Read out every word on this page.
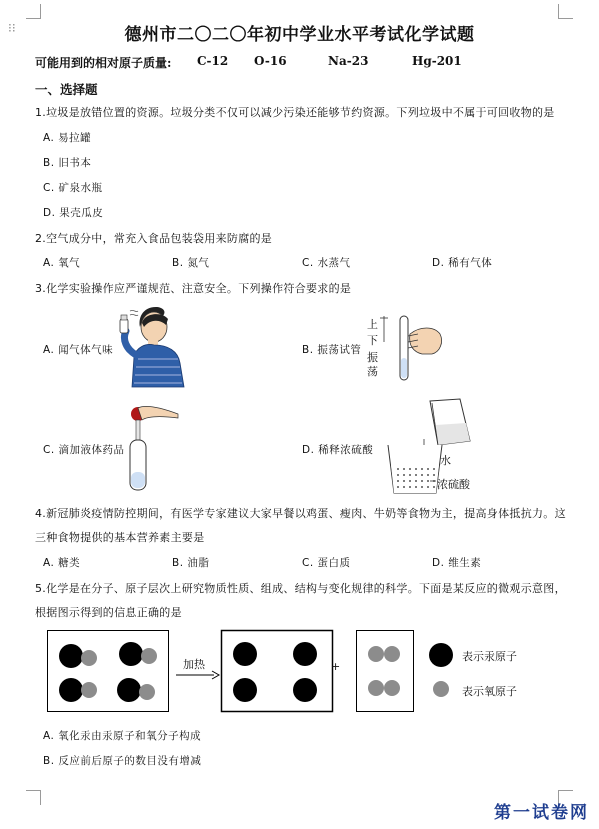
⁝⁝	德州市二〇二〇年初中学业水平考试化学试题
可能用到的相对原子质量: C-12 O-16	Na-23	Hg-201
一、选择题
1.垃圾是放错位置的资源。垃圾分类不仅可以减少污染还能够节约资源。下列垃圾中不属于可回收物的是
A. 易拉罐
B. 旧书本
C. 矿泉水瓶
D. 果壳瓜皮
2.空气成分中，常充入食品包装袋用来防腐的是
A. 氧气	B. 氮气	C. 水蒸气	D. 稀有气体
3.化学实验操作应严谨规范、注意安全。下列操作符合要求的是
A. 闻气体气味	B. 振荡试管
C. 滴加液体药品	D. 稀释浓硫酸
上
下
振
荡
水
浓硫酸
4.新冠肺炎疫情防控期间，有医学专家建议大家早餐以鸡蛋、瘦肉、牛奶等食物为主，提高身体抵抗力。这
三种食物提供的基本营养素主要是
A. 糖类	B. 油脂	C. 蛋白质	D. 维生素
5.化学是在分子、原子层次上研究物质性质、组成、结构与变化规律的科学。下面是某反应的微观示意图，
根据图示得到的信息正确的是
加热	+
表示汞原子
表示氧原子
A. 氧化汞由汞原子和氧分子构成
B. 反应前后原子的数目没有增减
第一试卷网
